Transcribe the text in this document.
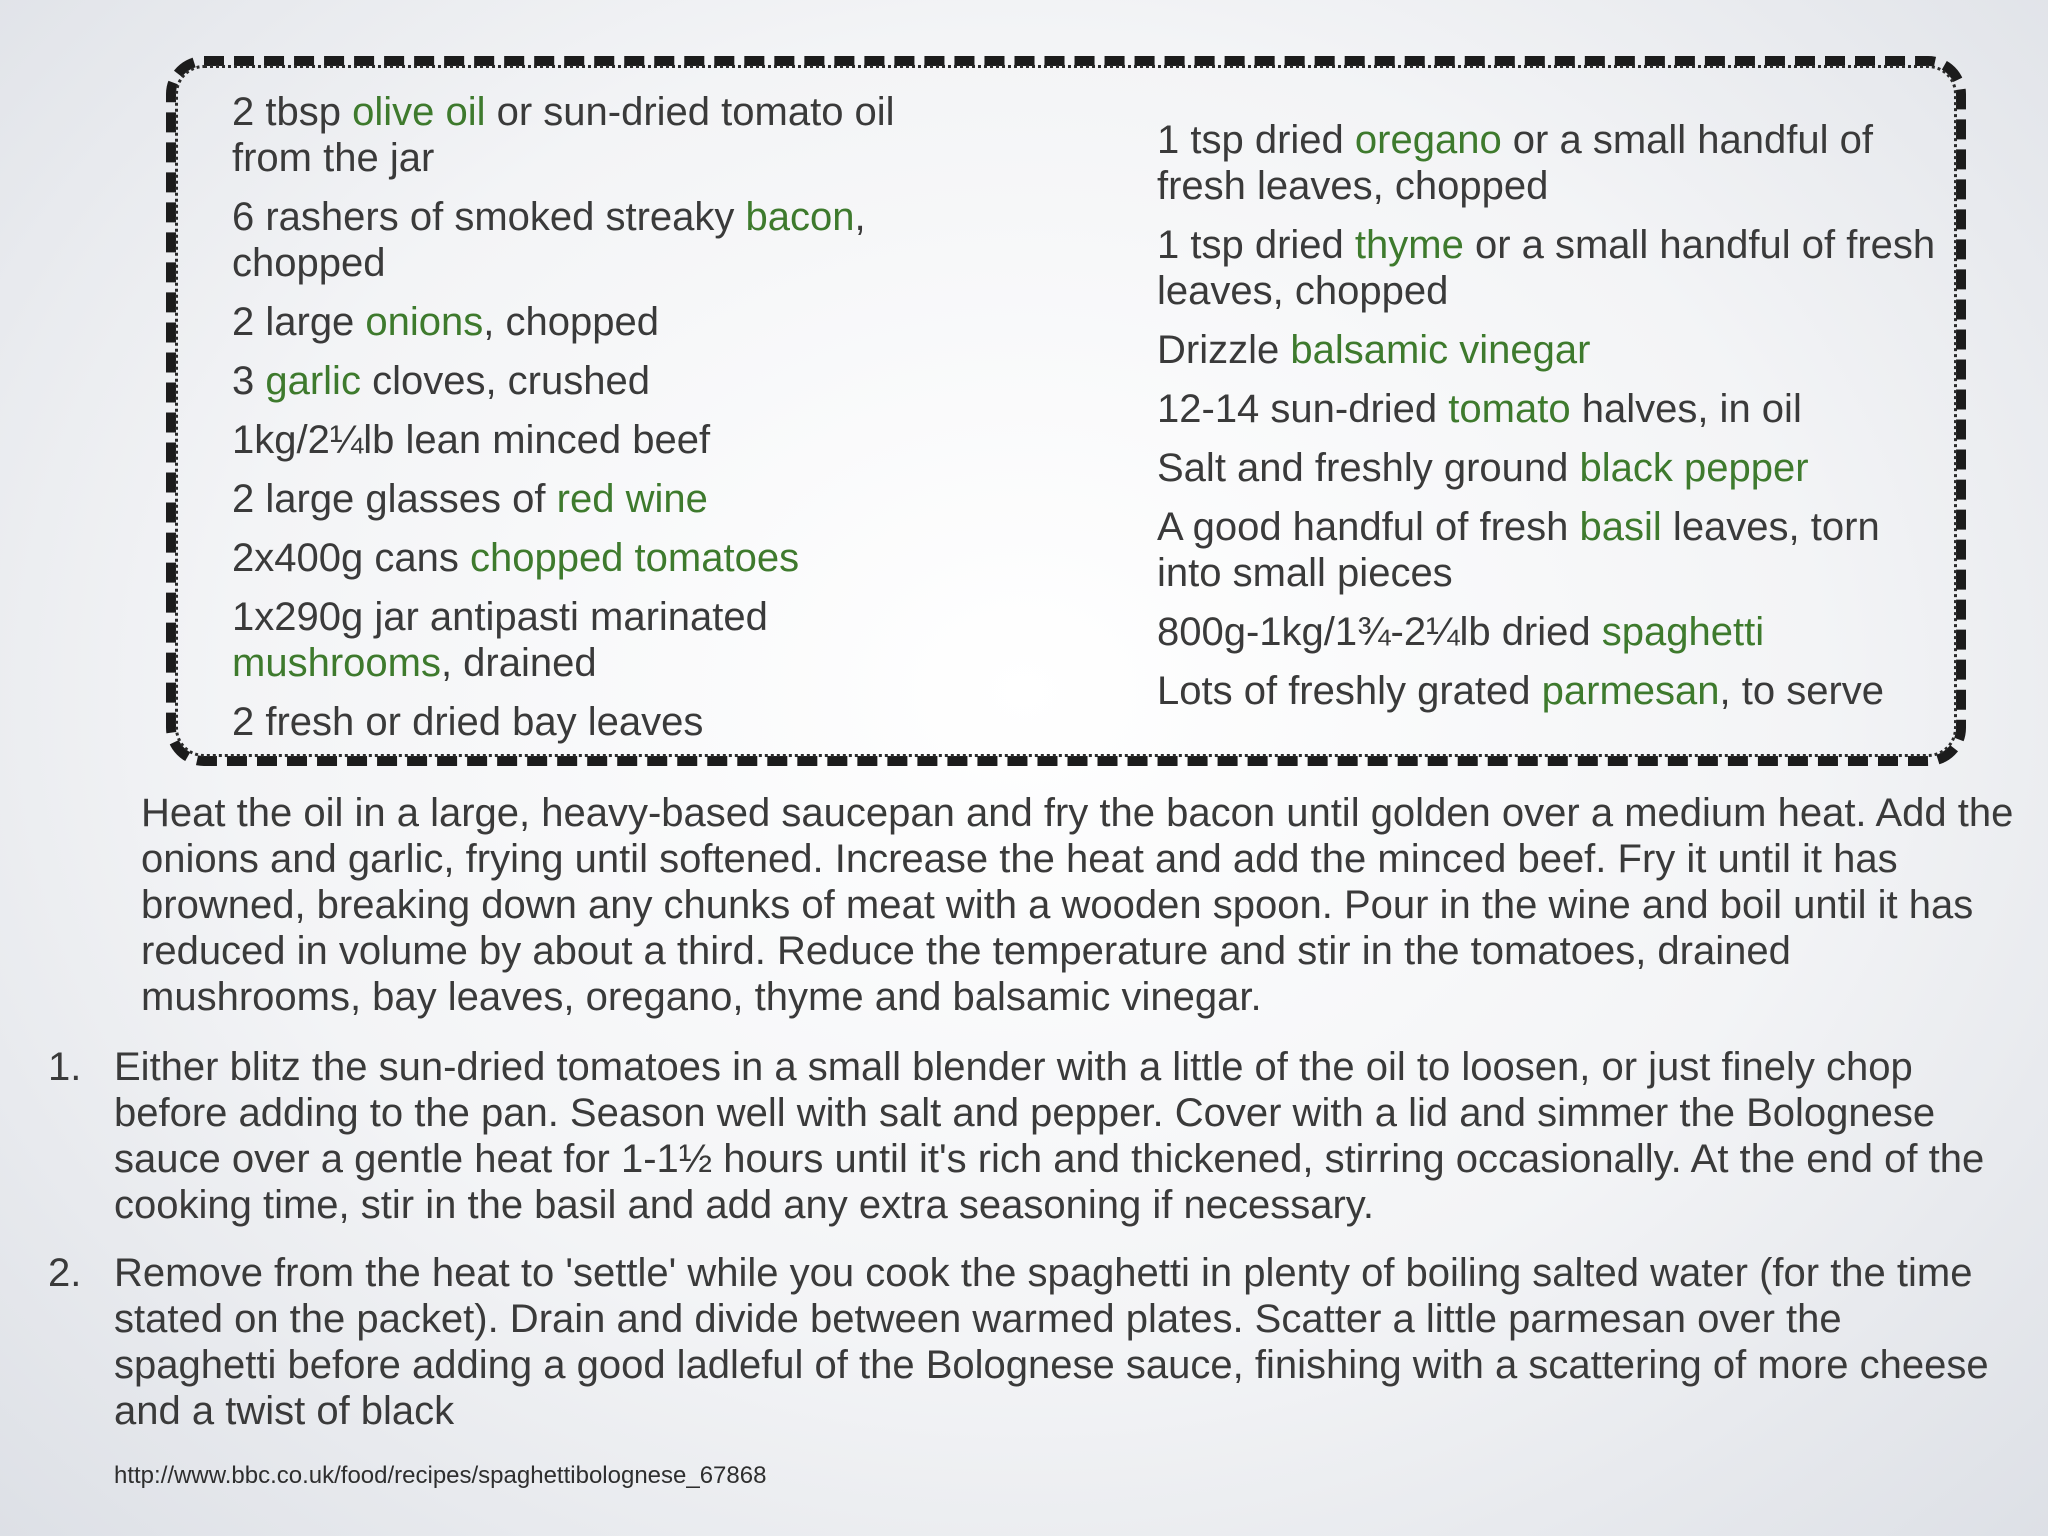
2 tbsp olive oil or sun-dried tomato oil from the jar
6 rashers of smoked streaky bacon, chopped
2 large onions, chopped
3 garlic cloves, crushed
1kg/2¼lb lean minced beef
2 large glasses of red wine
2x400g cans chopped tomatoes
1x290g jar antipasti marinated mushrooms, drained
2 fresh or dried bay leaves
1 tsp dried oregano or a small handful of fresh leaves, chopped
1 tsp dried thyme or a small handful of fresh leaves, chopped
Drizzle balsamic vinegar
12-14 sun-dried tomato halves, in oil
Salt and freshly ground black pepper
A good handful of fresh basil leaves, torn into small pieces
800g-1kg/1¾-2¼lb dried spaghetti
Lots of freshly grated parmesan, to serve

Heat the oil in a large, heavy-based saucepan and fry the bacon until golden over a medium heat. Add the onions and garlic, frying until softened. Increase the heat and add the minced beef. Fry it until it has browned, breaking down any chunks of meat with a wooden spoon. Pour in the wine and boil until it has reduced in volume by about a third. Reduce the temperature and stir in the tomatoes, drained mushrooms, bay leaves, oregano, thyme and balsamic vinegar.

1. Either blitz the sun-dried tomatoes in a small blender with a little of the oil to loosen, or just finely chop before adding to the pan. Season well with salt and pepper. Cover with a lid and simmer the Bolognese sauce over a gentle heat for 1-1½ hours until it's rich and thickened, stirring occasionally. At the end of the cooking time, stir in the basil and add any extra seasoning if necessary.
2. Remove from the heat to 'settle' while you cook the spaghetti in plenty of boiling salted water (for the time stated on the packet). Drain and divide between warmed plates. Scatter a little parmesan over the spaghetti before adding a good ladleful of the Bolognese sauce, finishing with a scattering of more cheese and a twist of black
http://www.bbc.co.uk/food/recipes/spaghettibolognese_67868
